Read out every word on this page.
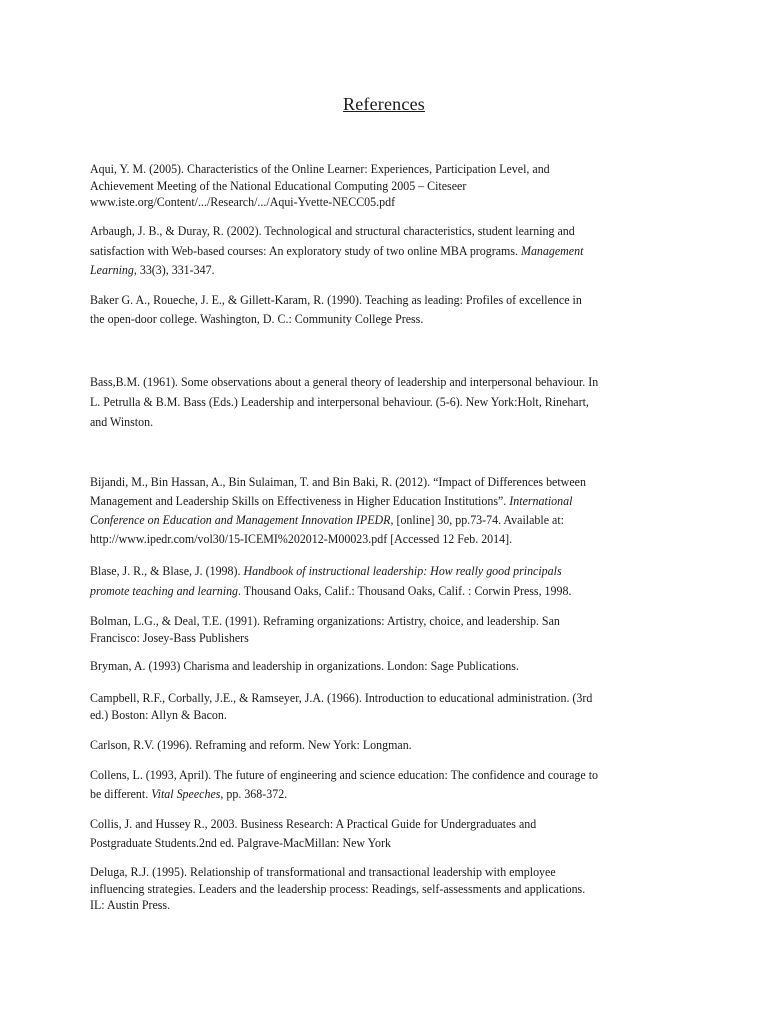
References
Aqui, Y. M. (2005). Characteristics of the Online Learner: Experiences, Participation Level, and
Achievement Meeting of the National Educational Computing 2005 – Citeseer
www.iste.org/Content/.../Research/.../Aqui-Yvette-NECC05.pdf
Arbaugh, J. B., & Duray, R. (2002). Technological and structural characteristics, student learning and
satisfaction with Web-based courses: An exploratory study of two online MBA programs. Management
Learning, 33(3), 331-347.
Baker G. A., Roueche, J. E., & Gillett-Karam, R. (1990). Teaching as leading: Profiles of excellence in
the open-door college. Washington, D. C.: Community College Press.
Bass,B.M. (1961). Some observations about a general theory of leadership and interpersonal behaviour. In
L. Petrulla & B.M. Bass (Eds.) Leadership and interpersonal behaviour. (5-6). New York:Holt, Rinehart,
and Winston.
Bijandi, M., Bin Hassan, A., Bin Sulaiman, T. and Bin Baki, R. (2012). “Impact of Differences between
Management and Leadership Skills on Effectiveness in Higher Education Institutions”. International
Conference on Education and Management Innovation IPEDR, [online] 30, pp.73-74. Available at:
http://www.ipedr.com/vol30/15-ICEMI%202012-M00023.pdf [Accessed 12 Feb. 2014].
Blase, J. R., & Blase, J. (1998). Handbook of instructional leadership: How really good principals
promote teaching and learning. Thousand Oaks, Calif.: Thousand Oaks, Calif. : Corwin Press, 1998.
Bolman, L.G., & Deal, T.E. (1991). Reframing organizations: Artistry, choice, and leadership. San
Francisco: Josey-Bass Publishers
Bryman, A. (1993) Charisma and leadership in organizations. London: Sage Publications.
Campbell, R.F., Corbally, J.E., & Ramseyer, J.A. (1966). Introduction to educational administration. (3rd
ed.) Boston: Allyn & Bacon.
Carlson, R.V. (1996). Reframing and reform. New York: Longman.
Collens, L. (1993, April). The future of engineering and science education: The confidence and courage to
be different. Vital Speeches, pp. 368-372.
Collis, J. and Hussey R., 2003. Business Research: A Practical Guide for Undergraduates and
Postgraduate Students.2nd ed. Palgrave-MacMillan: New York
Deluga, R.J. (1995). Relationship of transformational and transactional leadership with employee
influencing strategies. Leaders and the leadership process: Readings, self-assessments and applications.
IL: Austin Press.
